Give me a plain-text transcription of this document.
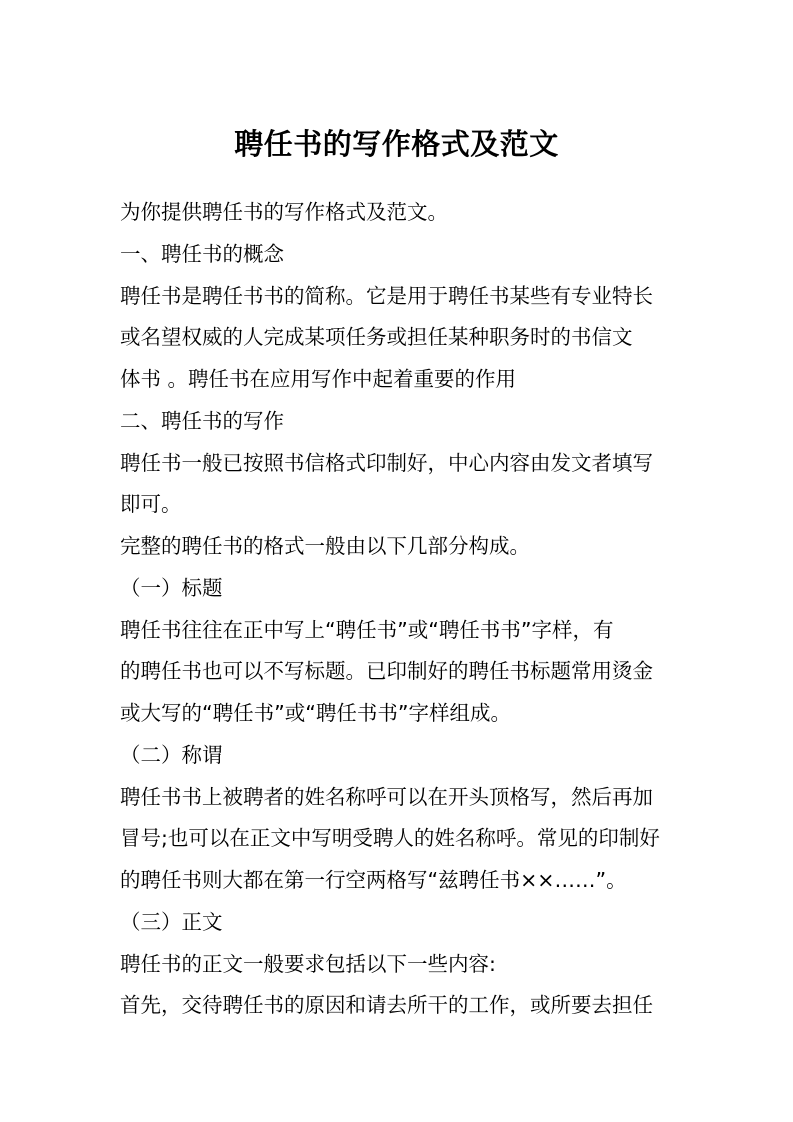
聘任书的写作格式及范文

为你提供聘任书的写作格式及范文。

一、聘任书的概念

聘任书是聘任书书的简称。它是用于聘任书某些有专业特长

或名望权威的人完成某项任务或担任某种职务时的书信文

体书 。聘任书在应用写作中起着重要的作用

二、聘任书的写作

聘任书一般已按照书信格式印制好，中心内容由发文者填写

即可。

完整的聘任书的格式一般由以下几部分构成。

（一）标题

聘任书往往在正中写上“聘任书”或“聘任书书”字样，有

的聘任书也可以不写标题。已印制好的聘任书标题常用烫金

或大写的“聘任书”或“聘任书书”字样组成。

（二）称谓

聘任书书上被聘者的姓名称呼可以在开头顶格写，然后再加

冒号;也可以在正文中写明受聘人的姓名称呼。常见的印制好

的聘任书则大都在第一行空两格写“兹聘任书××……”。

（三）正文

聘任书的正文一般要求包括以下一些内容:

首先，交待聘任书的原因和请去所干的工作，或所要去担任
